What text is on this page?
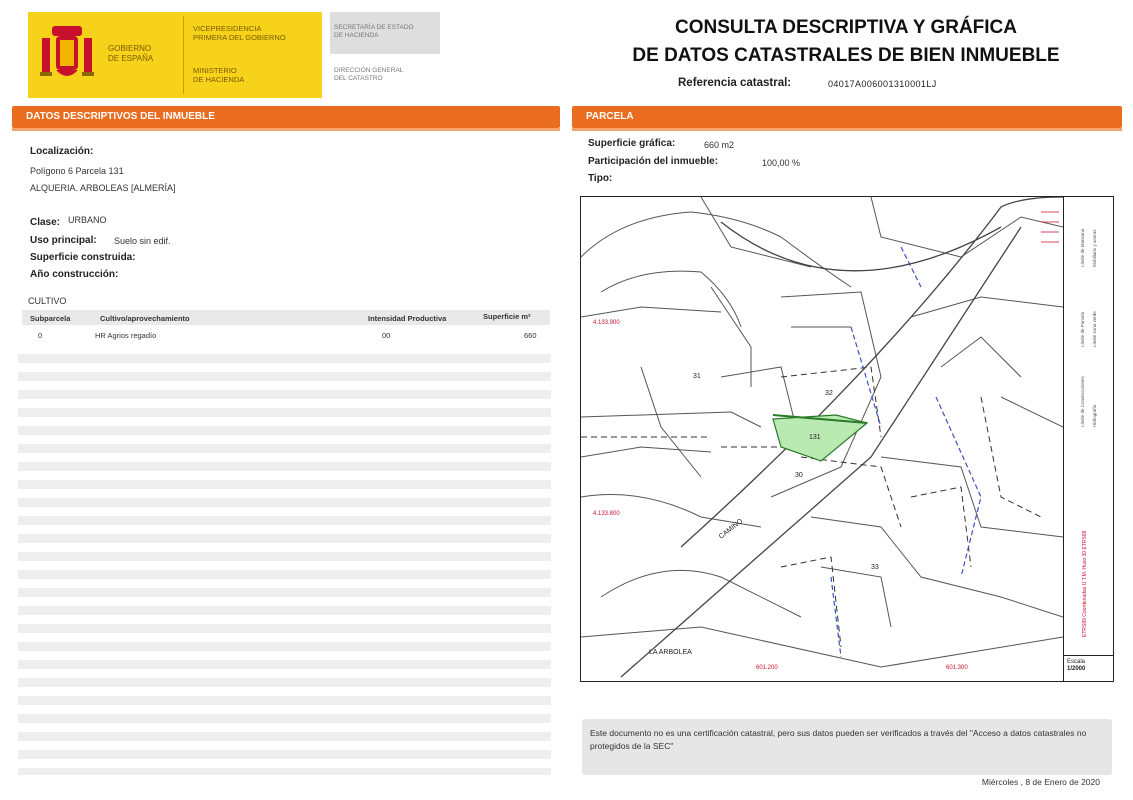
GOBIERNO
DE ESPAÑA
VICEPRESIDENCIA
PRIMERA DEL GOBIERNO
MINISTERIO
DE HACIENDA
SECRETARÍA DE ESTADO
DE HACIENDA
DIRECCIÓN GENERAL
DEL CATASTRO
CONSULTA DESCRIPTIVA Y GRÁFICA
DE DATOS CATASTRALES DE BIEN INMUEBLE
Referencia catastral:	04017A006001310001LJ
DATOS DESCRIPTIVOS DEL INMUEBLE	PARCELA
Localización:
Polígono 6 Parcela 131
ALQUERIA. ARBOLEAS [ALMERÍA]
Clase: URBANO
Uso principal: Suelo sin edif.
Superficie construida:
Año construcción:
CULTIVO
Subparcela	Cultivo/aprovechamiento	Intensidad Productiva	Superficie m²
0	HR Agrios regadío	00	660
Superficie gráfica:	660 m2
Participación del inmueble:	100,00 %
Tipo:
4.133.900
4.133.800
601.200	601.300
31
131
32
30
33
CAMINO
LA ARBOLEA
Límite de Manzana
Límite de Parcela
Límite de Construcciones
Mobiliario y aceras
Límite zona verde
Hidrografía
ETRS89 Coordenadas U.T.M. Huso 30 ETRS89
Escala
1/2000
Este documento no es una certificación catastral, pero sus datos pueden ser verificados a través del "Acceso a datos catastrales no protegidos de la SEC"
Miércoles , 8 de Enero de 2020
